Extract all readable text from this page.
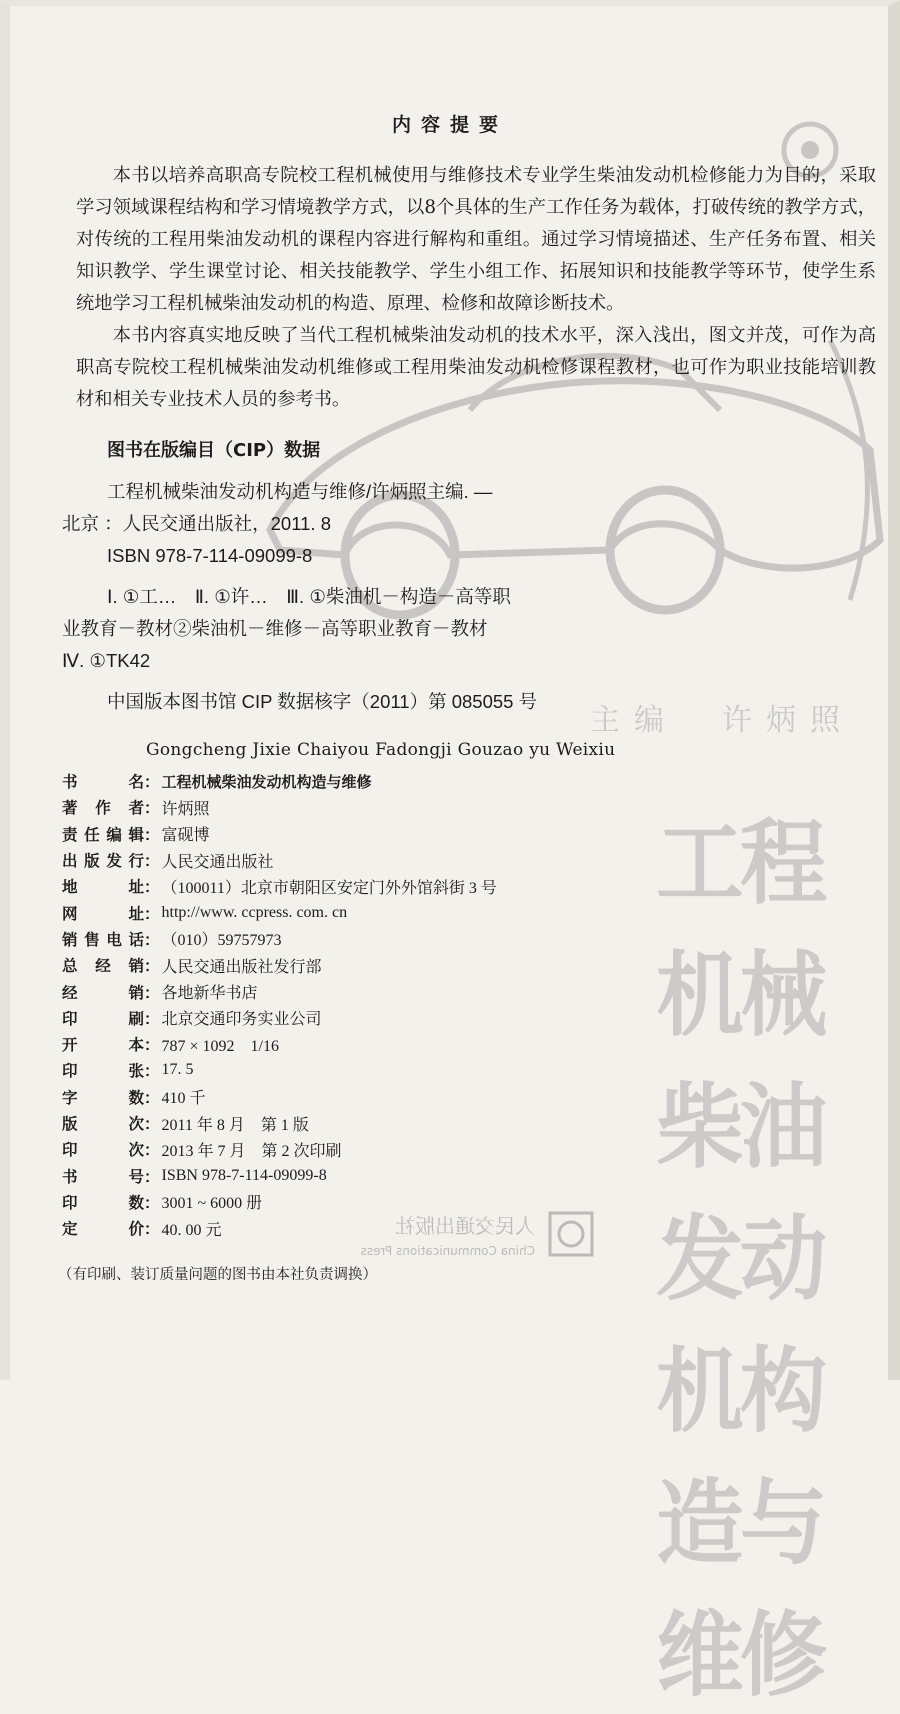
主编　许炳照
工程机械柴油发动机构造与维修
人民交通出版社
China Communications Press
内容提要

本书以培养高职高专院校工程机械使用与维修技术专业学生柴油发动机检修能力为目的，采取学习领域课程结构和学习情境教学方式，以8个具体的生产工作任务为载体，打破传统的教学方式，对传统的工程用柴油发动机的课程内容进行解构和重组。通过学习情境描述、生产任务布置、相关知识教学、学生课堂讨论、相关技能教学、学生小组工作、拓展知识和技能教学等环节，使学生系统地学习工程机械柴油发动机的构造、原理、检修和故障诊断技术。

本书内容真实地反映了当代工程机械柴油发动机的技术水平，深入浅出，图文并茂，可作为高职高专院校工程机械柴油发动机维修或工程用柴油发动机检修课程教材，也可作为职业技能培训教材和相关专业技术人员的参考书。

图书在版编目（CIP）数据
工程机械柴油发动机构造与维修/许炳照主编. —
北京 ：人民交通出版社，2011. 8
ISBN 978-7-114-09099-8
Ⅰ. ①工…　Ⅱ. ①许…　Ⅲ. ①柴油机－构造－高等职
业教育－教材②柴油机－维修－高等职业教育－教材
Ⅳ. ①TK42
中国版本图书馆 CIP 数据核字（2011）第 085055 号
Gongcheng Jixie Chaiyou Fadongji Gouzao yu Weixiu
书	名 ： 工程机械柴油发动机构造与维修
著 作 者 ： 许炳照
责 任 编 辑 ： 富砚博
出 版 发 行 ： 人民交通出版社
地	址 ： （100011）北京市朝阳区安定门外外馆斜街 3 号
网	址 ： http://www. ccpress. com. cn
销 售 电 话 ： （010）59757973
总 经 销 ： 人民交通出版社发行部
经	销 ： 各地新华书店
印	刷 ： 北京交通印务实业公司
开	本 ： 787 × 1092　1/16
印	张 ： 17. 5
字	数 ： 410 千
版	次 ： 2011 年 8 月　第 1 版
印	次 ： 2013 年 7 月　第 2 次印刷
书	号 ： ISBN 978-7-114-09099-8
印	数 ： 3001 ~ 6000 册
定	价 ： 40. 00 元
（有印刷、装订质量问题的图书由本社负责调换）
